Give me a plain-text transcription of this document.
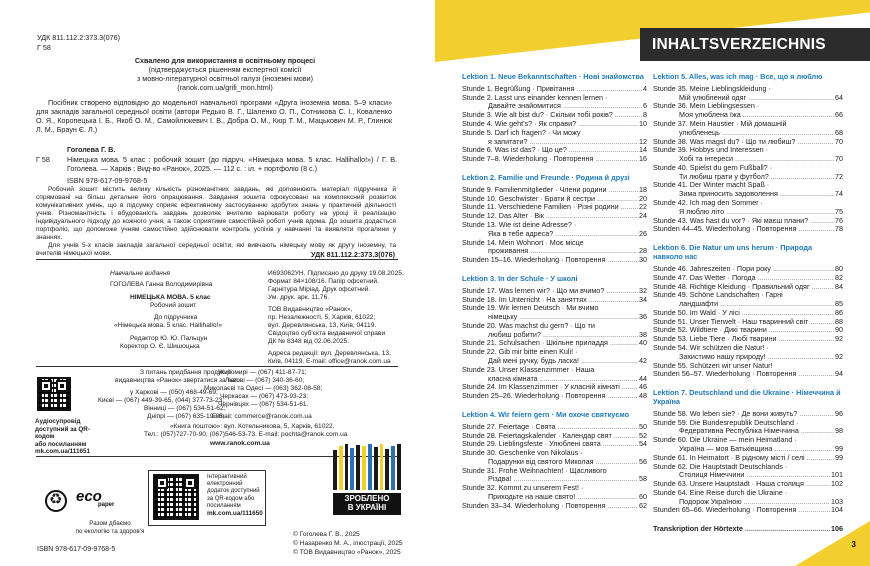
УДК 811.112.2:373.3(076)
Г 58
Схвалено для використання в освітньому процесі
(підтверджується рішенням експертної комісії
з мовно-літературної освітньої галузі (іноземні мови)
(ranok.com.ua/grifi_mon.html)

Посібник створено відповідно до модельної навчальної програми «Друга іноземна мова. 5–9 класи» для закладів загальної середньої освіти (автори Редько В. Г., Шаленко О. П., Сотникова С. І., Коваленко О. Я., Коропецька І. Б., Якоб О. М., Самойлюкевич І. В., Добра О. М., Кюр Т. М., Мацькович М. Р., Глинюк Л. М., Браун Є. Л.)

Гоголева Г. В.
Г 58 Німецька мова. 5 клас : робочий зошит (до підруч. «Німецька мова. 5 клас. Hallihallo!») / Г. В. Гоголева. — Харків : Вид-во «Ранок», 2025. — 112 с. : іл. + портфоліо (8 с.)
ISBN 978-617-09-9768-5

Робочий зошит містить велику кількість різноманітних завдань, які доповнюють матеріал підручника й спрямовані на більш детальне його опрацювання. Завдання зошита сфокусовані на комплексний розвиток комунікативних умінь, що в підсумку сприяє ефективному застосуванню здобутих знань у практичній діяльності учнів. Різноманітність і вбудованість завдань дозволяє вчителю варіювати роботу на уроці й реалізацію індивідуального підходу до кожного учня, а також сприятиме самостійній роботі учнів вдома. До зошита додається портфоліо, що допоможе учням самостійно здійснювати контроль успіхів у навчанні та виявляти прогалини у знаннях.

Для учнів 5-х класів закладів загальної середньої освіти, які вивчають німецьку мову як другу іноземну, та вчителів німецької мови.	УДК 811.112.2:373.3(076)
Навчальне видання
ГОГОЛЕВА Ганна Володимирівна
НІМЕЦЬКА МОВА. 5 клас
Робочий зошит
До підручника
«Німецька мова. 5 клас. Hallihallo!»
Редактор Ю. Ю. Пальцун
Коректор О. Є. Шишоцька
И693062УН. Підписано до друку 19.08.2025.
Формат 84×108/16. Папір офсетний.
Гарнітура Міріад. Друк офсетний.
Ум. друк. арк. 11,76.
ТОВ Видавництво «Ранок»,
пр. Незалежності, 5, Харків, 61022;
вул. Деревлянська, 13, Київ, 04119.
Свідоцтво суб'єкта видавничої справи
ДК № 8348 від 02.06.2025.
Адреса редакції: вул. Деревлянська, 13,
Київ, 04119. E-mail: office@ranok.com.ua
Аудіосупровід
доступний за QR-кодом
або посиланням
mk.com.ua/111651
З питань придбання продукції
видавництва «Ранок» звертатися за тел.:
у Харкові — (050) 468-49-69;
Києві — (067) 449-39-65, (044) 377-73-23;
Вінниці — (067) 534-51-62;
Дніпрі — (067) 635-19-85;
Житомирі — (067) 411-87-71;
Львові — (067) 340-36-60;
Миколаєві та Одесі — (063) 362-08-58;
Черкасах — (067) 473-93-23;
Чернівцях — (067) 534-51-61.
E-mail: commerce@ranok.com.ua
«Книга поштою»: вул. Котельникова, 5, Харків, 61022.
Тел.: (057)727-70-90, (067)546-53-73. E-mail: pochta@ranok.com.ua
www.ranok.com.ua
♻
eco
paper
Разом дбаємо
по екологію та здоров'я
ISBN 978-617-09-9768-5
Інтерактивний
електронний
додаток доступний
за QR-кодом або
посиланням
mk.com.ua/111650
ЗРОБЛЕНО
В УКРАЇНІ
© Гоголева Г. В., 2025
© Назаренко М. А., ілюстрації, 2025
© ТОВ Видавництво «Ранок», 2025
INHALTSVERZEICHNIS
Lektion 1. Neue Bekanntschaften · Нові знайомства
Stunde 1. Begrüßung · Привітання .....	4
Stunde 2. Lasst uns einander kennen lernen ·
Давайте знайомитися .....	6
Stunde 3. Wie alt bist du? · Скільки тобі років? .....	8
Stunde 4. Wie geht's? · Як справи? .....	10
Stunde 5. Darf ich fragen? · Чи можу
я запитати? .....	12
Stunde 6. Was ist das? · Що це? .....	14
Stunde 7–8. Wiederholung · Повторення .....	16
Lektion 2. Familie und Freunde · Родина й друзі
Stunde 9. Familienmitglieder · Члени родини .....	18
Stunde 10. Geschwister · Брати й сестри .....	20
Stunde 11. Verschiedene Familien · Різні родини .....	22
Stunde 12. Das Alter · Вік .....	24
Stunde 13. Wie ist deine Adresse? ·
Яка в тебе адреса? .....	26
Stunde 14. Mein Wohnort · Моє місце
проживання .....	28
Stunden 15–16. Wiederholung · Повторення .....	30
Lektion 3. In der Schule · У школі
Stunde 17. Was lernen wir? · Що ми вчимо? .....	32
Stunde 18. Im Unterricht · На заняттях .....	34
Stunde 19. Wir lernen Deutsch · Ми вчимо
німецьку .....	36
Stunde 20. Was machst du gern? · Що ти
любиш робити? .....	38
Stunde 21. Schulsachen · Шкільне приладдя .....	40
Stunde 22. Gib mir bitte einen Kuli! ·
Дай мені ручку, будь ласка! .....	42
Stunde 23. Unser Klassenzimmer · Наша
класна кімната .....	44
Stunde 24. Im Klassenzimmer · У класній кімнаті .....	46
Stunden 25–26. Wiederholung · Повторення .....	48
Lektion 4. Wir feiern gern · Ми охоче святкуємо
Stunde 27. Feiertage · Свята .....	50
Stunde 28. Feiertagskalender · Календар свят .....	52
Stunde 29. Lieblingsfeste · Улюблені свята .....	54
Stunde 30. Geschenke von Nikolaus ·
Подарунки від святого Миколая .....	56
Stunde 31. Frohe Weihnachten! · Щасливого
Різдва! .....	58
Stunde 32. Kommt zu unserem Fest! ·
Приходьте на наше свято! .....	60
Stunden 33–34. Wiederholung · Повторення .....	62
Lektion 5. Alles, was ich mag · Все, що я люблю
Stunde 35. Meine Lieblingskleidung ·
Мій улюблений одяг .....	64
Stunde 36. Mein Lieblingsessen ·
Моя улюблена їжа .....	66
Stunde 37. Mein Haustier · Мій домашній
улюбленець .....	68
Stunde 38. Was magst du? · Що ти любиш? .....	70
Stunde 39. Hobbys und Interessen ·
Хобі та інтереси .....	70
Stunde 40. Spielst du gern Fußball? ·
Ти любиш грати у футбол? .....	72
Stunde 41. Der Winter macht Spaß ·
Зима приносить задоволення .....	74
Stunde 42. Ich mag den Sommer ·
Я люблю літо .....	75
Stunde 43. Was hast du vor? · Які маєш плани? .....	76
Stunden 44–45. Wiederholung · Повторення .....	78
Lektion 6. Die Natur um uns herum · Природа навколо нас
Stunde 46. Jahreszeiten · Пори року .....	80
Stunde 47. Das Wetter · Погода .....	82
Stunde 48. Richtige Kleidung · Правильний одяг .....	84
Stunde 49. Schöne Landschaften · Гарні
ландшафти .....	85
Stunde 50. Im Wald · У лісі .....	86
Stunde 51. Unser Tierwelt · Наш тваринний світ .....	88
Stunde 52. Wildtiere · Дикі тварини .....	90
Stunde 53. Liebe Tiere · Любі тварини .....	92
Stunde 54. Wir schützen die Natur! ·
Захистимо нашу природу! .....	92
Stunde 55. Schützen wir unser Natur!
Stunden 56–57. Wiederholung · Повторення .....	94
Lektion 7. Deutschland und die Ukraine · Німеччина й Україна
Stunde 58. Wo leben sie? · Де вони живуть? .....	96
Stunde 59. Die Bundesrepublik Deutschland ·
Федеративна Республіка Німеччина .....	98
Stunde 60. Die Ukraine — mein Heimatland ·
Україна — моя Батьківщина .....	99
Stunde 61. In Heimatort · В рідному місті / селі .....	99
Stunde 62. Die Hauptstadt Deutschlands ·
Столиця Німеччини .....	101
Stunde 63. Unsere Hauptstadt · Наша столиця .....	102
Stunde 64. Eine Reise durch die Ukraine ·
Подорож Україною .....	103
Stunden 65–66. Wiederholung · Повторення .....	104
Transkription der Hörtexte .....	106
3
